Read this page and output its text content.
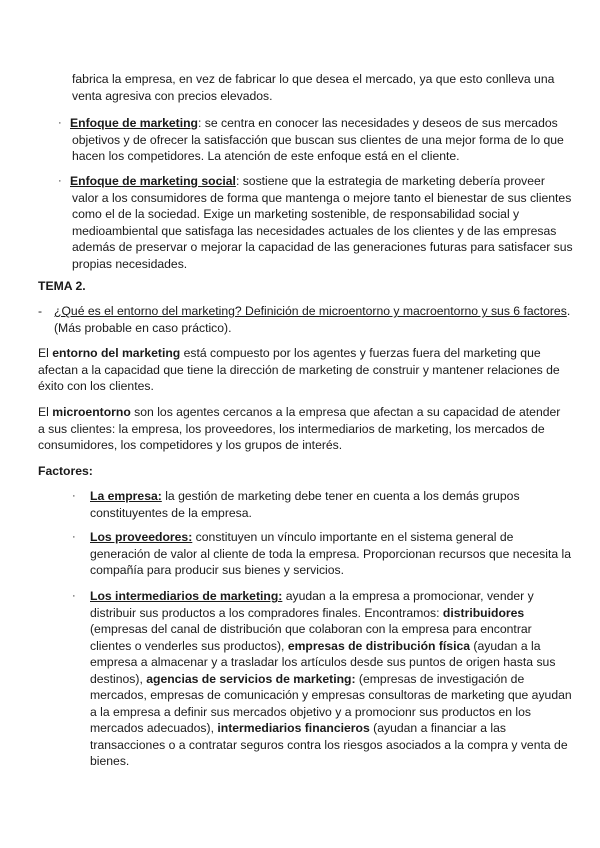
fabrica la empresa, en vez de fabricar lo que desea el mercado, ya que esto conlleva una venta agresiva con precios elevados.

· Enfoque de marketing: se centra en conocer las necesidades y deseos de sus mercados objetivos y de ofrecer la satisfacción que buscan sus clientes de una mejor forma de lo que hacen los competidores. La atención de este enfoque está en el cliente.

· Enfoque de marketing social: sostiene que la estrategia de marketing debería proveer valor a los consumidores de forma que mantenga o mejore tanto el bienestar de sus clientes como el de la sociedad. Exige un marketing sostenible, de responsabilidad social y medioambiental que satisfaga las necesidades actuales de los clientes y de las empresas además de preservar o mejorar la capacidad de las generaciones futuras para satisfacer sus propias necesidades.

TEMA 2.

- ¿Qué es el entorno del marketing? Definición de microentorno y macroentorno y sus 6 factores. (Más probable en caso práctico).

El entorno del marketing está compuesto por los agentes y fuerzas fuera del marketing que afectan a la capacidad que tiene la dirección de marketing de construir y mantener relaciones de éxito con los clientes.

El microentorno son los agentes cercanos a la empresa que afectan a su capacidad de atender a sus clientes: la empresa, los proveedores, los intermediarios de marketing, los mercados de consumidores, los competidores y los grupos de interés.

Factores:

·	La empresa: la gestión de marketing debe tener en cuenta a los demás grupos constituyentes de la empresa.

·	Los proveedores: constituyen un vínculo importante en el sistema general de generación de valor al cliente de toda la empresa. Proporcionan recursos que necesita la compañía para producir sus bienes y servicios.

·	Los intermediarios de marketing: ayudan a la empresa a promocionar, vender y distribuir sus productos a los compradores finales. Encontramos: distribuidores (empresas del canal de distribución que colaboran con la empresa para encontrar clientes o venderles sus productos), empresas de distribución física (ayudan a la empresa a almacenar y a trasladar los artículos desde sus puntos de origen hasta sus destinos), agencias de servicios de marketing: (empresas de investigación de mercados, empresas de comunicación y empresas consultoras de marketing que ayudan a la empresa a definir sus mercados objetivo y a promocionr sus productos en los mercados adecuados), intermediarios financieros (ayudan a financiar a las transacciones o a contratar seguros contra los riesgos asociados a la compra y venta de bienes.
